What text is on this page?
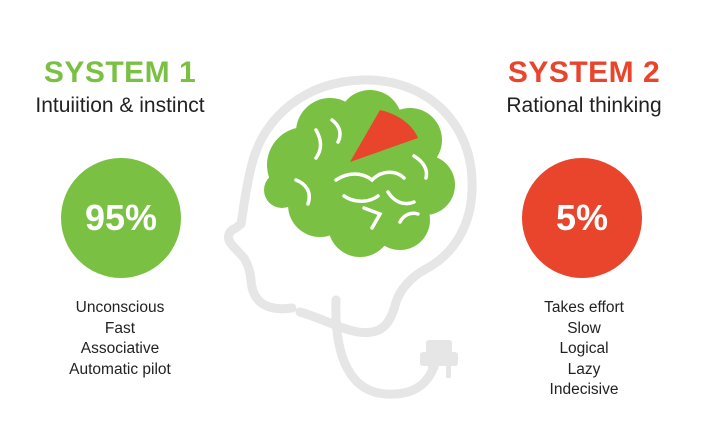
SYSTEM 1
Intuiition & instinct
95%
Unconscious
Fast
Associative
Automatic pilot
SYSTEM 2
Rational thinking
5%
Takes effort
Slow
Logical
Lazy
Indecisive
